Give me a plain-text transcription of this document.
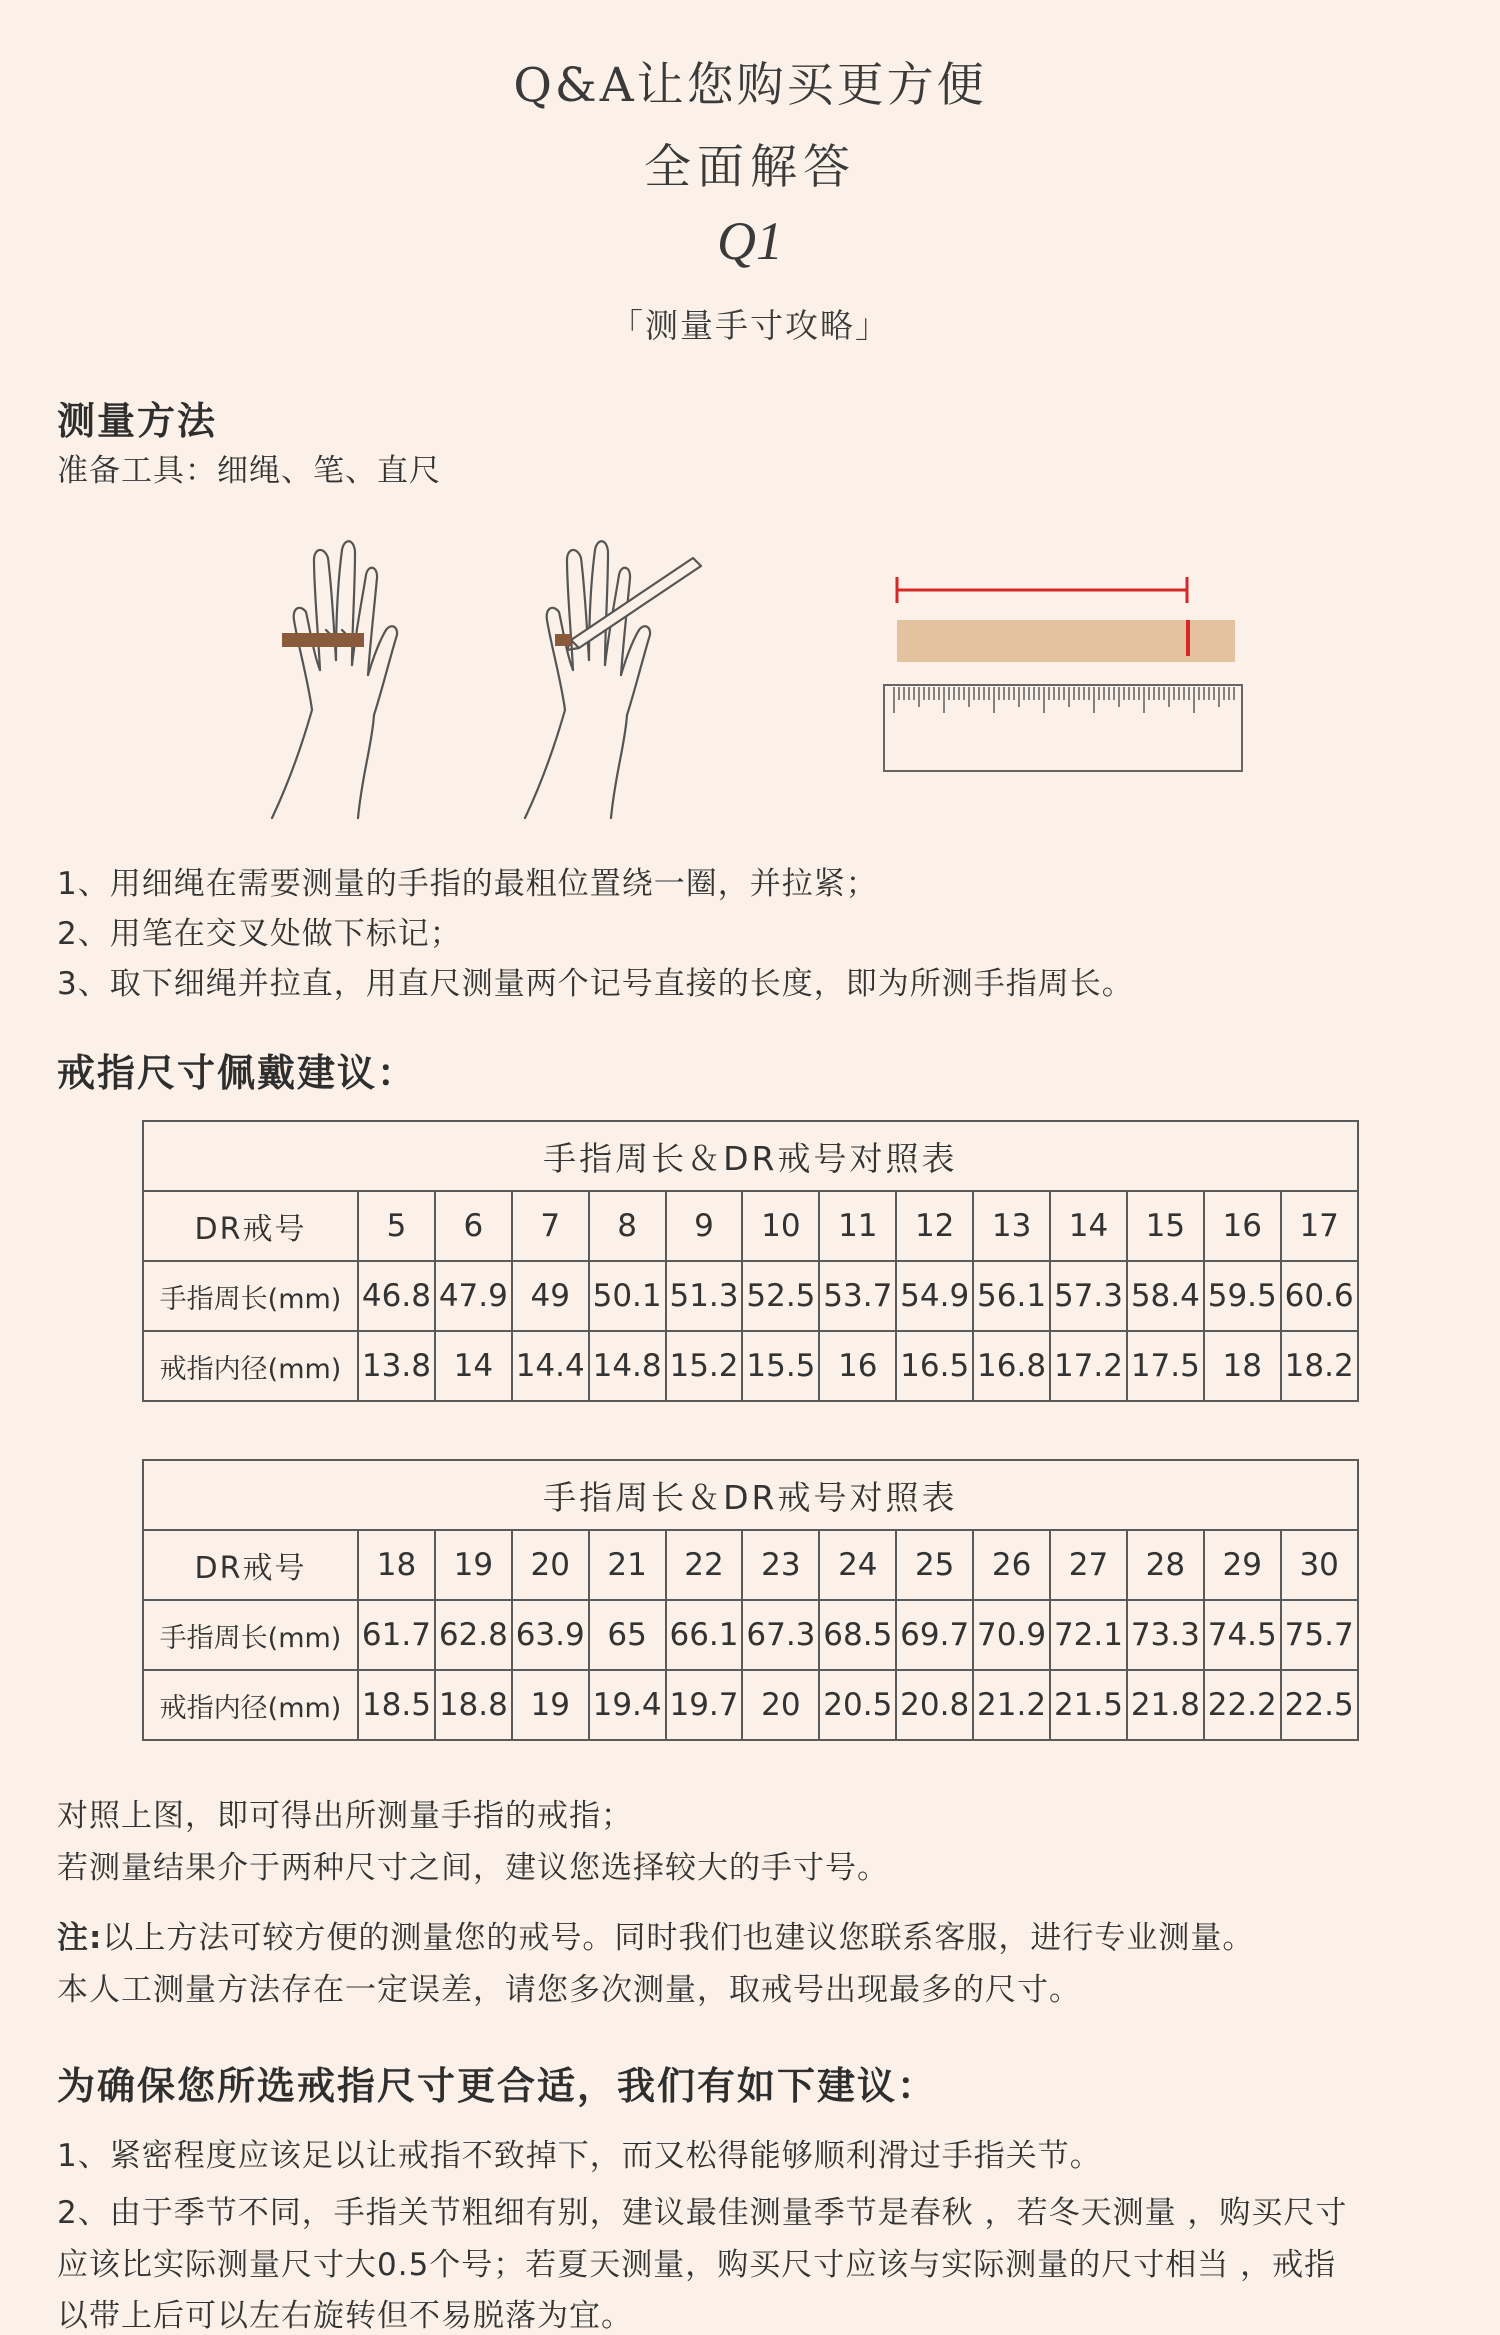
Q&A让您购买更方便
全面解答
Q1
「测量手寸攻略」
测量方法
准备工具：细绳、笔、直尺
1、用细绳在需要测量的手指的最粗位置绕一圈，并拉紧；
2、用笔在交叉处做下标记；
3、取下细绳并拉直，用直尺测量两个记号直接的长度，即为所测手指周长。
戒指尺寸佩戴建议：
手指周长＆DR戒号对照表													
DR戒号	5	6	7	8	9	10	11	12	13	14	15	16	17
手指周长(mm)	46.8	47.9	49	50.1	51.3	52.5	53.7	54.9	56.1	57.3	58.4	59.5	60.6
戒指内径(mm)	13.8	14	14.4	14.8	15.2	15.5	16	16.5	16.8	17.2	17.5	18	18.2
手指周长＆DR戒号对照表													
DR戒号	18	19	20	21	22	23	24	25	26	27	28	29	30
手指周长(mm)	61.7	62.8	63.9	65	66.1	67.3	68.5	69.7	70.9	72.1	73.3	74.5	75.7
戒指内径(mm)	18.5	18.8	19	19.4	19.7	20	20.5	20.8	21.2	21.5	21.8	22.2	22.5
对照上图，即可得出所测量手指的戒指；
若测量结果介于两种尺寸之间，建议您选择较大的手寸号。
注:以上方法可较方便的测量您的戒号。同时我们也建议您联系客服，进行专业测量。
本人工测量方法存在一定误差，请您多次测量，取戒号出现最多的尺寸。
为确保您所选戒指尺寸更合适，我们有如下建议：
1、紧密程度应该足以让戒指不致掉下，而又松得能够顺利滑过手指关节。
2、由于季节不同，手指关节粗细有别，建议最佳测量季节是春秋 ，若冬天测量 ，购买尺寸
应该比实际测量尺寸大0.5个号；若夏天测量，购买尺寸应该与实际测量的尺寸相当 ，戒指
以带上后可以左右旋转但不易脱落为宜。
